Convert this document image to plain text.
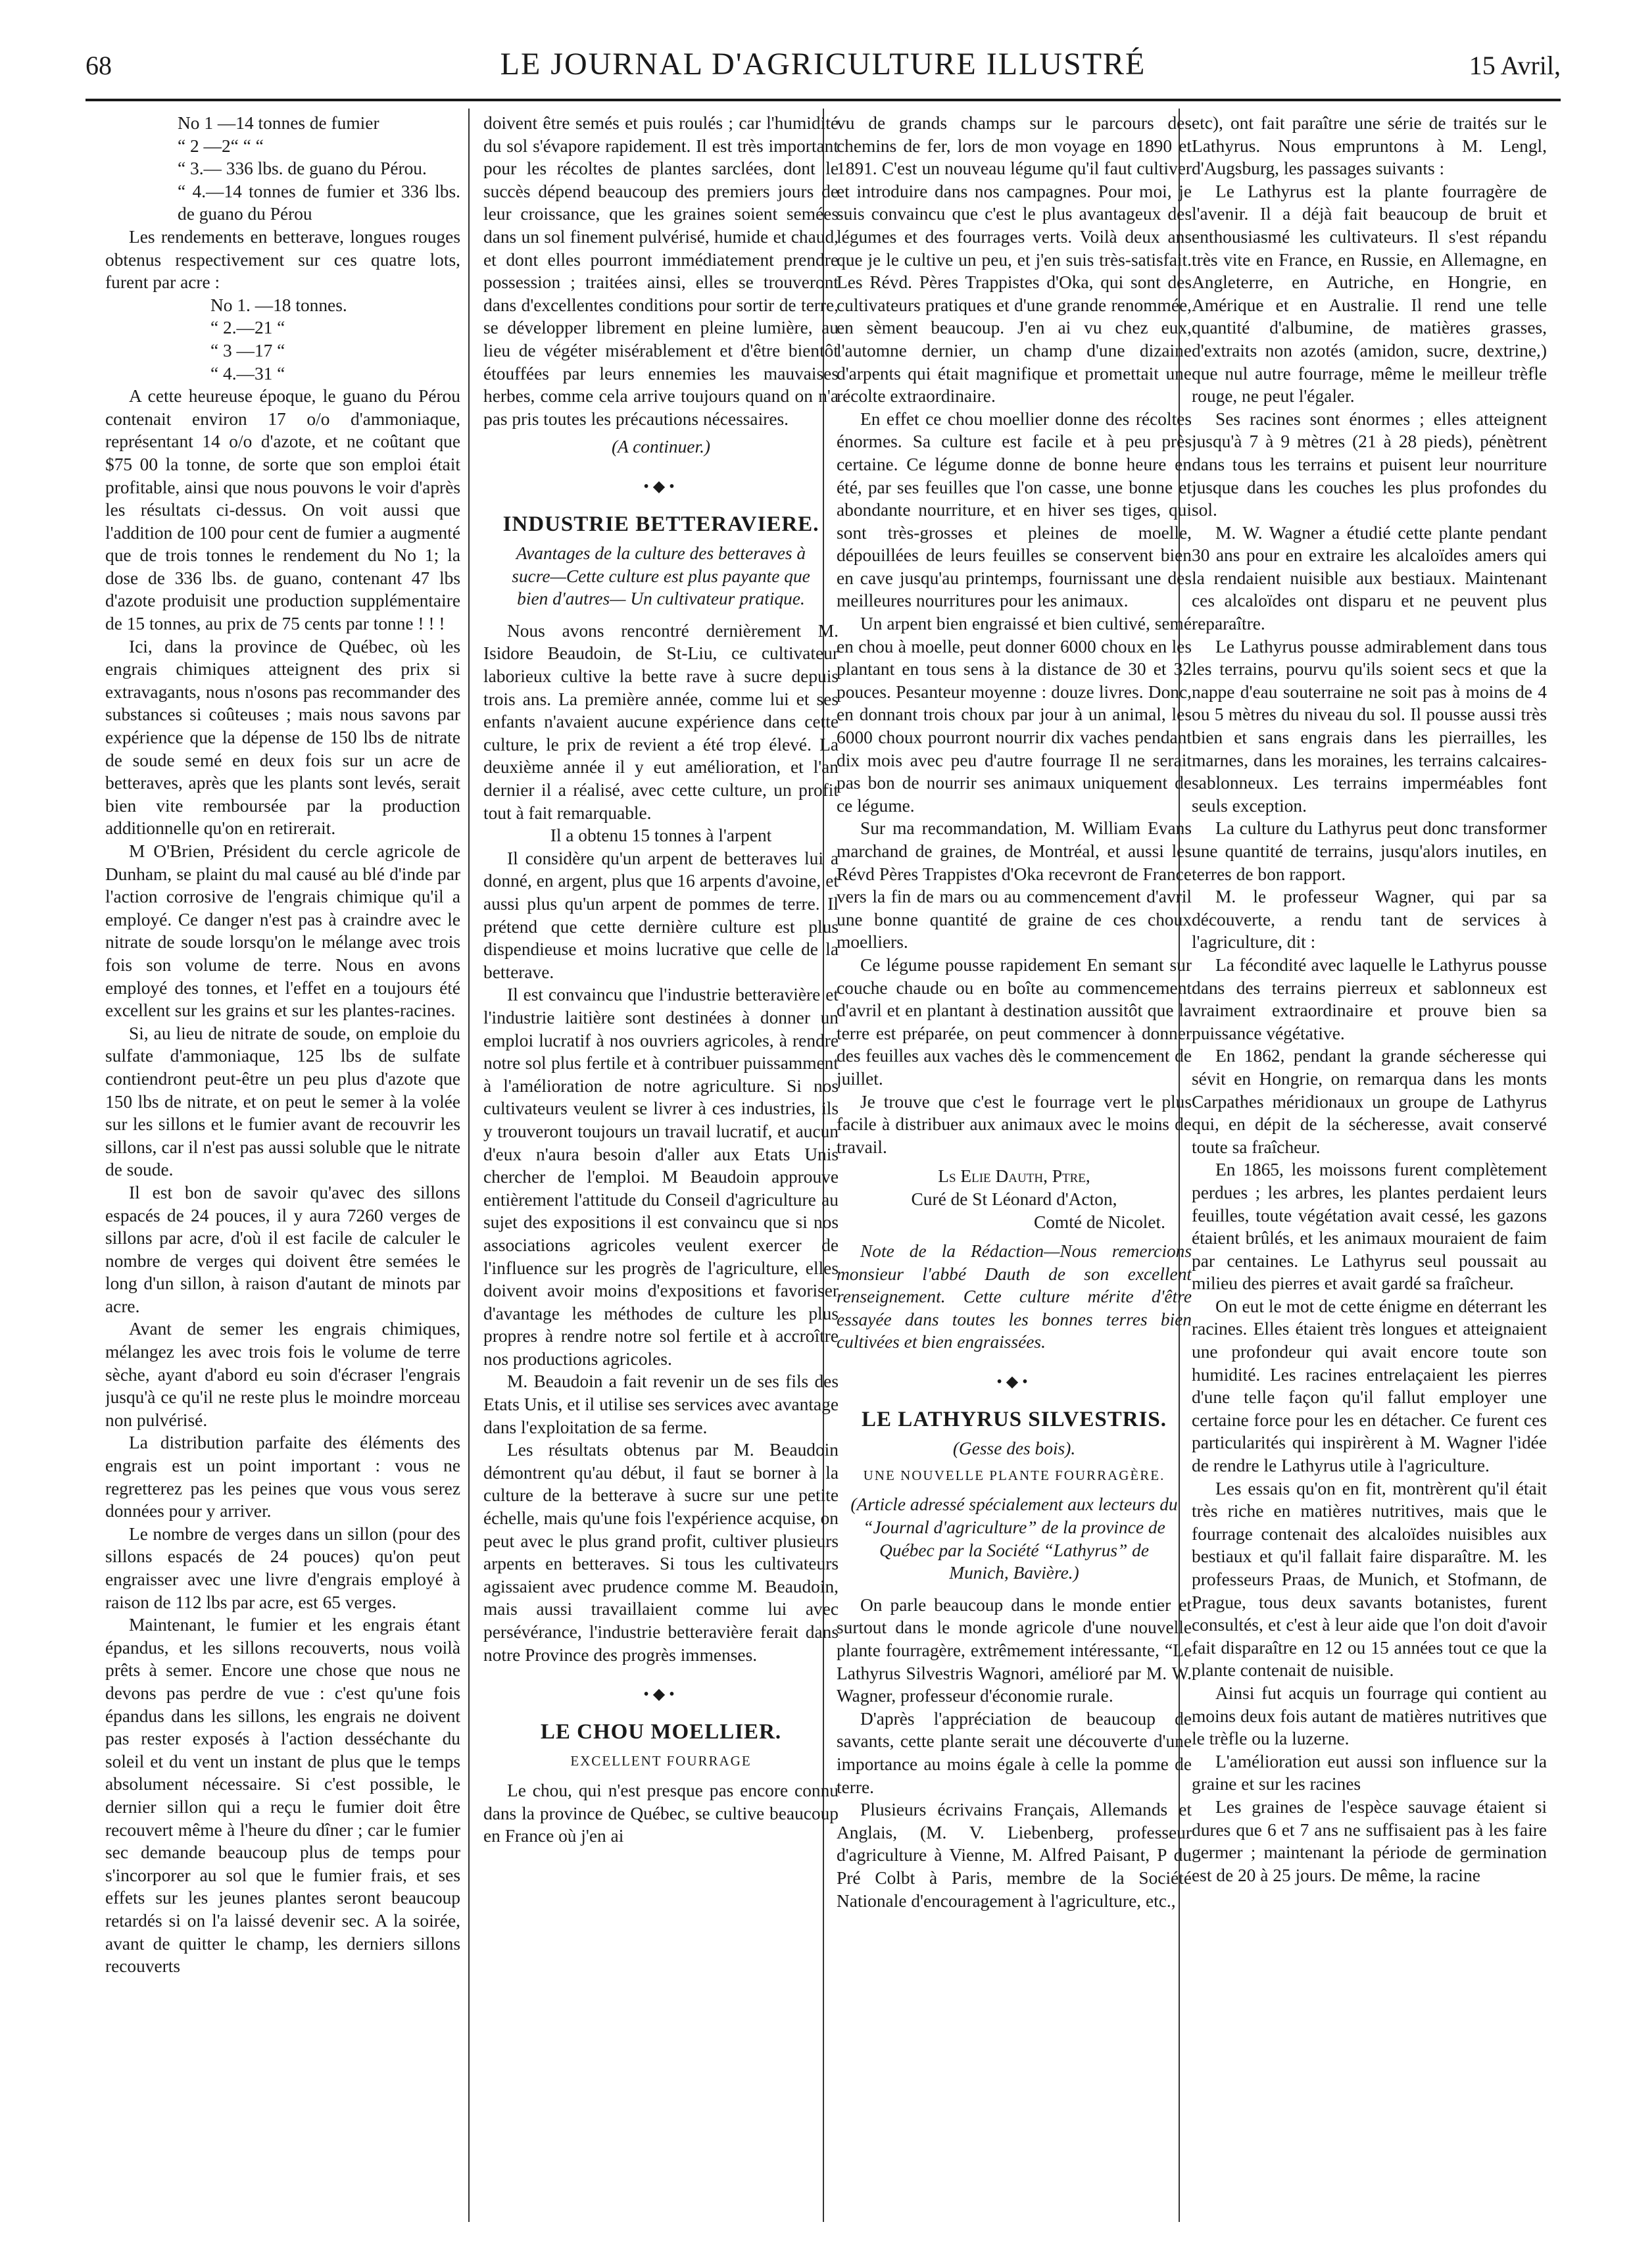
68	LE JOURNAL D'AGRICULTURE ILLUSTRÉ	15 Avril,

No 1 —14 tonnes de fumier

“ 2 —2“ “ “

“ 3.— 336 lbs. de guano du Pérou.

“ 4.—14 tonnes de fumier et 336 lbs. de guano du Pérou

Les rendements en betterave, longues rouges obtenus respectivement sur ces quatre lots, furent par acre :

No 1. —18 tonnes.

“ 2.—21 “

“ 3 —17 “

“ 4.—31 “

A cette heureuse époque, le guano du Pérou contenait environ 17 o/o d'ammoniaque, représentant 14 o/o d'azote, et ne coûtant que $75 00 la tonne, de sorte que son emploi était profitable, ainsi que nous pouvons le voir d'après les résultats ci-dessus. On voit aussi que l'addition de 100 pour cent de fumier a augmenté que de trois tonnes le rendement du No 1; la dose de 336 lbs. de guano, contenant 47 lbs d'azote produisit une production supplémentaire de 15 tonnes, au prix de 75 cents par tonne ! ! !

Ici, dans la province de Québec, où les engrais chimiques atteignent des prix si extravagants, nous n'osons pas recommander des substances si coûteuses ; mais nous savons par expérience que la dépense de 150 lbs de nitrate de soude semé en deux fois sur un acre de betteraves, après que les plants sont levés, serait bien vite remboursée par la production additionnelle qu'on en retirerait.

M O'Brien, Président du cercle agricole de Dunham, se plaint du mal causé au blé d'inde par l'action corrosive de l'engrais chimique qu'il a employé. Ce danger n'est pas à craindre avec le nitrate de soude lorsqu'on le mélange avec trois fois son volume de terre. Nous en avons employé des tonnes, et l'effet en a toujours été excellent sur les grains et sur les plantes-racines.

Si, au lieu de nitrate de soude, on emploie du sulfate d'ammoniaque, 125 lbs de sulfate contiendront peut-être un peu plus d'azote que 150 lbs de nitrate, et on peut le semer à la volée sur les sillons et le fumier avant de recouvrir les sillons, car il n'est pas aussi soluble que le nitrate de soude.

Il est bon de savoir qu'avec des sillons espacés de 24 pouces, il y aura 7260 verges de sillons par acre, d'où il est facile de calculer le nombre de verges qui doivent être semées le long d'un sillon, à raison d'autant de minots par acre.

Avant de semer les engrais chimiques, mélangez les avec trois fois le volume de terre sèche, ayant d'abord eu soin d'écraser l'engrais jusqu'à ce qu'il ne reste plus le moindre morceau non pulvérisé.

La distribution parfaite des éléments des engrais est un point important : vous ne regretterez pas les peines que vous vous serez données pour y arriver.

Le nombre de verges dans un sillon (pour des sillons espacés de 24 pouces) qu'on peut engraisser avec une livre d'engrais employé à raison de 112 lbs par acre, est 65 verges.

Maintenant, le fumier et les engrais étant épandus, et les sillons recouverts, nous voilà prêts à semer. Encore une chose que nous ne devons pas perdre de vue : c'est qu'une fois épandus dans les sillons, les engrais ne doivent pas rester exposés à l'action desséchante du soleil et du vent un instant de plus que le temps absolument nécessaire. Si c'est possible, le dernier sillon qui a reçu le fumier doit être recouvert même à l'heure du dîner ; car le fumier sec demande beaucoup plus de temps pour s'incorporer au sol que le fumier frais, et ses effets sur les jeunes plantes seront beaucoup retardés si on l'a laissé devenir sec. A la soirée, avant de quitter le champ, les derniers sillons recouverts

doivent être semés et puis roulés ; car l'humidité du sol s'évapore rapidement. Il est très important pour les récoltes de plantes sarclées, dont le succès dépend beaucoup des premiers jours de leur croissance, que les graines soient semées dans un sol finement pulvérisé, humide et chaud, et dont elles pourront immédiatement prendre possession ; traitées ainsi, elles se trouveront dans d'excellentes conditions pour sortir de terre, se développer librement en pleine lumière, au lieu de végéter misérablement et d'être bientôt étouffées par leurs ennemies les mauvaises herbes, comme cela arrive toujours quand on n'a pas pris toutes les précautions nécessaires.

(A continuer.)

•◆•

INDUSTRIE BETTERAVIERE.

Avantages de la culture des betteraves à sucre—Cette culture est plus payante que bien d'autres— Un cultivateur pratique.

Nous avons rencontré dernièrement M. Isidore Beaudoin, de St-Liu, ce cultivateur laborieux cultive la bette rave à sucre depuis trois ans. La première année, comme lui et ses enfants n'avaient aucune expérience dans cette culture, le prix de revient a été trop élevé. La deuxième année il y eut amélioration, et l'an dernier il a réalisé, avec cette culture, un profit tout à fait remarquable.

Il a obtenu 15 tonnes à l'arpent

Il considère qu'un arpent de betteraves lui a donné, en argent, plus que 16 arpents d'avoine, et aussi plus qu'un arpent de pommes de terre. Il prétend que cette dernière culture est plus dispendieuse et moins lucrative que celle de la betterave.

Il est convaincu que l'industrie betteravière et l'industrie laitière sont destinées à donner un emploi lucratif à nos ouvriers agricoles, à rendre notre sol plus fertile et à contribuer puissamment à l'amélioration de notre agriculture. Si nos cultivateurs veulent se livrer à ces industries, ils y trouveront toujours un travail lucratif, et aucun d'eux n'aura besoin d'aller aux Etats Unis chercher de l'emploi. M Beaudoin approuve entièrement l'attitude du Conseil d'agriculture au sujet des expositions il est convaincu que si nos associations agricoles veulent exercer de l'influence sur les progrès de l'agriculture, elles doivent avoir moins d'expositions et favoriser d'avantage les méthodes de culture les plus propres à rendre notre sol fertile et à accroître nos productions agricoles.

M. Beaudoin a fait revenir un de ses fils des Etats Unis, et il utilise ses services avec avantage dans l'exploitation de sa ferme.

Les résultats obtenus par M. Beaudoin démontrent qu'au début, il faut se borner à la culture de la betterave à sucre sur une petite échelle, mais qu'une fois l'expérience acquise, on peut avec le plus grand profit, cultiver plusieurs arpents en betteraves. Si tous les cultivateurs agissaient avec prudence comme M. Beaudoin, mais aussi travaillaient comme lui avec persévérance, l'industrie betteravière ferait dans notre Province des progrès immenses.

•◆•

LE CHOU MOELLIER.

EXCELLENT FOURRAGE

Le chou, qui n'est presque pas encore connu dans la province de Québec, se cultive beaucoup en France où j'en ai

vu de grands champs sur le parcours des chemins de fer, lors de mon voyage en 1890 et 1891. C'est un nouveau légume qu'il faut cultiver et introduire dans nos campagnes. Pour moi, je suis convaincu que c'est le plus avantageux des légumes et des fourrages verts. Voilà deux ans que je le cultive un peu, et j'en suis très-satisfait. Les Révd. Pères Trappistes d'Oka, qui sont des cultivateurs pratiques et d'une grande renommée, en sèment beaucoup. J'en ai vu chez eux, l'automne dernier, un champ d'une dizaine d'arpents qui était magnifique et promettait une récolte extraordinaire.

En effet ce chou moellier donne des récoltes énormes. Sa culture est facile et à peu près certaine. Ce légume donne de bonne heure en été, par ses feuilles que l'on casse, une bonne et abondante nourriture, et en hiver ses tiges, qui sont très-grosses et pleines de moelle, dépouillées de leurs feuilles se conservent bien en cave jusqu'au printemps, fournissant une des meilleures nourritures pour les animaux.

Un arpent bien engraissé et bien cultivé, semé en chou à moelle, peut donner 6000 choux en les plantant en tous sens à la distance de 30 et 32 pouces. Pesanteur moyenne : douze livres. Donc, en donnant trois choux par jour à un animal, les 6000 choux pourront nourrir dix vaches pendant dix mois avec peu d'autre fourrage Il ne serait pas bon de nourrir ses animaux uniquement de ce légume.

Sur ma recommandation, M. William Evans marchand de graines, de Montréal, et aussi les Révd Pères Trappistes d'Oka recevront de France vers la fin de mars ou au commencement d'avril une bonne quantité de graine de ces choux moelliers.

Ce légume pousse rapidement En semant sur couche chaude ou en boîte au commencement d'avril et en plantant à destination aussitôt que la terre est préparée, on peut commencer à donner des feuilles aux vaches dès le commencement de juillet.

Je trouve que c'est le fourrage vert le plus facile à distribuer aux animaux avec le moins de travail.

Ls Elie Dauth, Ptre,

Curé de St Léonard d'Acton,

Comté de Nicolet.

Note de la Rédaction—Nous remercions monsieur l'abbé Dauth de son excellent renseignement. Cette culture mérite d'être essayée dans toutes les bonnes terres bien cultivées et bien engraissées.

•◆•

LE LATHYRUS SILVESTRIS.

(Gesse des bois).

UNE NOUVELLE PLANTE FOURRAGÈRE.

(Article adressé spécialement aux lecteurs du “Journal d'agriculture” de la province de Québec par la Société “Lathyrus” de Munich, Bavière.)

On parle beaucoup dans le monde entier et surtout dans le monde agricole d'une nouvelle plante fourragère, extrêmement intéressante, “Le Lathyrus Silvestris Wagnori, amélioré par M. W. Wagner, professeur d'économie rurale.

D'après l'appréciation de beaucoup de savants, cette plante serait une découverte d'une importance au moins égale à celle la pomme de terre.

Plusieurs écrivains Français, Allemands et Anglais, (M. V. Liebenberg, professeur d'agriculture à Vienne, M. Alfred Paisant, P du Pré Colbt à Paris, membre de la Société Nationale d'encouragement à l'agriculture, etc.,

etc), ont fait paraître une série de traités sur le Lathyrus. Nous empruntons à M. Lengl, d'Augsburg, les passages suivants :

Le Lathyrus est la plante fourragère de l'avenir. Il a déjà fait beaucoup de bruit et enthousiasmé les cultivateurs. Il s'est répandu très vite en France, en Russie, en Allemagne, en Angleterre, en Autriche, en Hongrie, en Amérique et en Australie. Il rend une telle quantité d'albumine, de matières grasses, d'extraits non azotés (amidon, sucre, dextrine,) que nul autre fourrage, même le meilleur trèfle rouge, ne peut l'égaler.

Ses racines sont énormes ; elles atteignent jusqu'à 7 à 9 mètres (21 à 28 pieds), pénètrent dans tous les terrains et puisent leur nourriture jusque dans les couches les plus profondes du sol.

M. W. Wagner a étudié cette plante pendant 30 ans pour en extraire les alcaloïdes amers qui la rendaient nuisible aux bestiaux. Maintenant ces alcaloïdes ont disparu et ne peuvent plus reparaître.

Le Lathyrus pousse admirablement dans tous les terrains, pourvu qu'ils soient secs et que la nappe d'eau souterraine ne soit pas à moins de 4 ou 5 mètres du niveau du sol. Il pousse aussi très bien et sans engrais dans les pierrailles, les marnes, dans les moraines, les terrains calcaires-sablonneux. Les terrains imperméables font seuls exception.

La culture du Lathyrus peut donc transformer une quantité de terrains, jusqu'alors inutiles, en terres de bon rapport.

M. le professeur Wagner, qui par sa découverte, a rendu tant de services à l'agriculture, dit :

La fécondité avec laquelle le Lathyrus pousse dans des terrains pierreux et sablonneux est vraiment extraordinaire et prouve bien sa puissance végétative.

En 1862, pendant la grande sécheresse qui sévit en Hongrie, on remarqua dans les monts Carpathes méridionaux un groupe de Lathyrus qui, en dépit de la sécheresse, avait conservé toute sa fraîcheur.

En 1865, les moissons furent complètement perdues ; les arbres, les plantes perdaient leurs feuilles, toute végétation avait cessé, les gazons étaient brûlés, et les animaux mouraient de faim par centaines. Le Lathyrus seul poussait au milieu des pierres et avait gardé sa fraîcheur.

On eut le mot de cette énigme en déterrant les racines. Elles étaient très longues et atteignaient une profondeur qui avait encore toute son humidité. Les racines entrelaçaient les pierres d'une telle façon qu'il fallut employer une certaine force pour les en détacher. Ce furent ces particularités qui inspirèrent à M. Wagner l'idée de rendre le Lathyrus utile à l'agriculture.

Les essais qu'on en fit, montrèrent qu'il était très riche en matières nutritives, mais que le fourrage contenait des alcaloïdes nuisibles aux bestiaux et qu'il fallait faire disparaître. M. les professeurs Praas, de Munich, et Stofmann, de Prague, tous deux savants botanistes, furent consultés, et c'est à leur aide que l'on doit d'avoir fait disparaître en 12 ou 15 années tout ce que la plante contenait de nuisible.

Ainsi fut acquis un fourrage qui contient au moins deux fois autant de matières nutritives que le trèfle ou la luzerne.

L'amélioration eut aussi son influence sur la graine et sur les racines

Les graines de l'espèce sauvage étaient si dures que 6 et 7 ans ne suffisaient pas à les faire germer ; maintenant la période de germination est de 20 à 25 jours. De même, la racine
